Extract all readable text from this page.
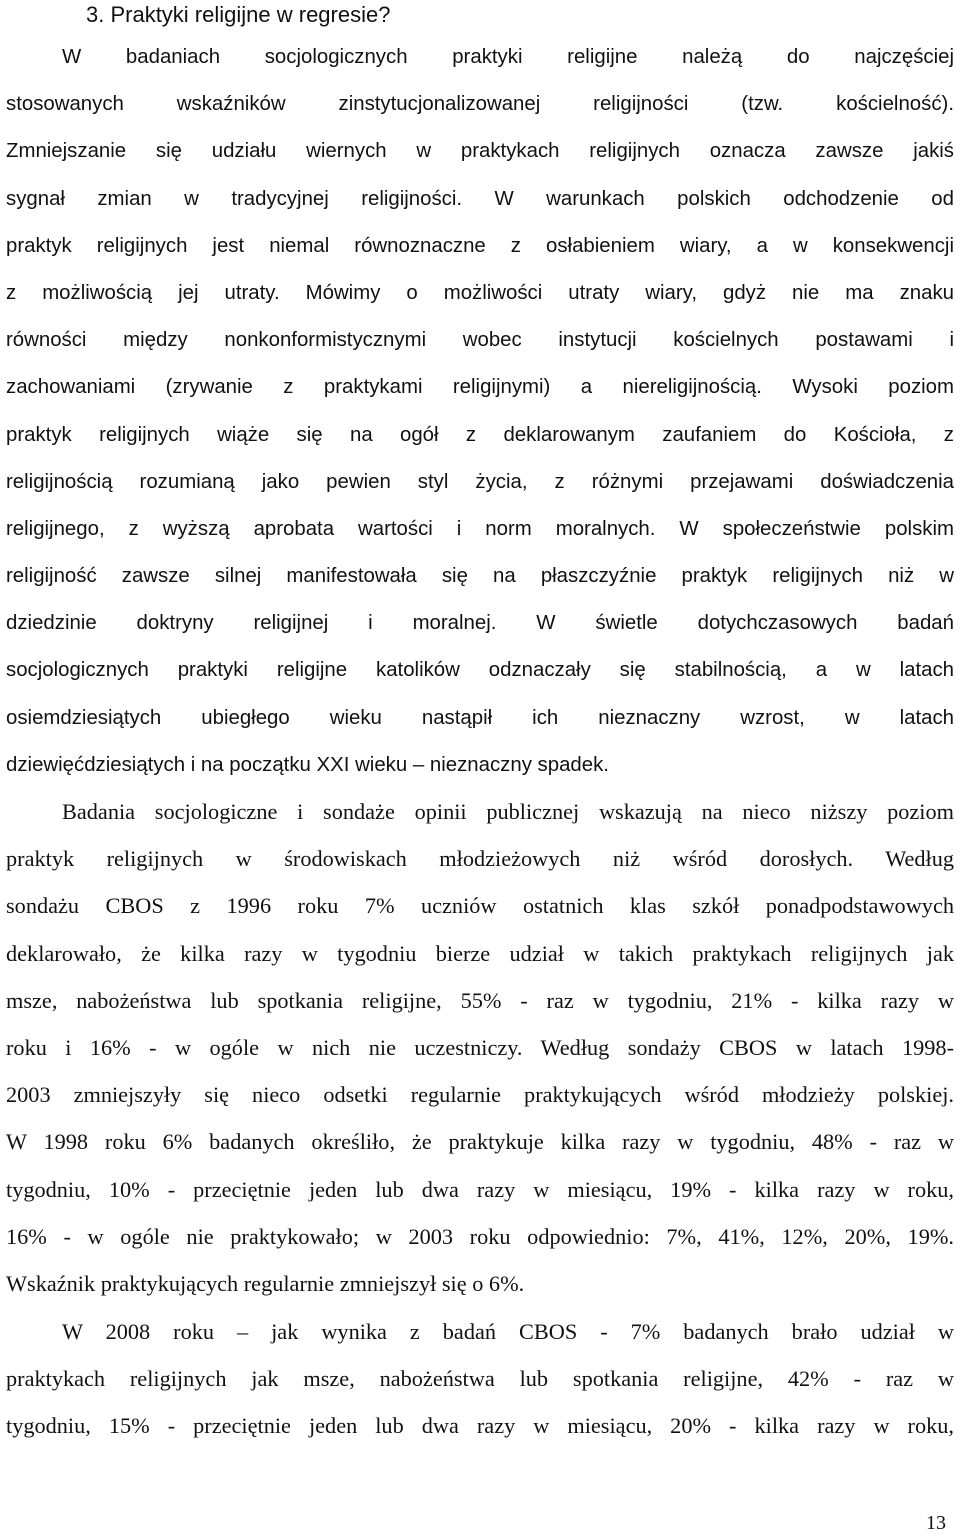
3. Praktyki religijne w regresie?
W badaniach socjologicznych praktyki religijne należą do najczęściej
stosowanych wskaźników zinstytucjonalizowanej religijności (tzw. kościelność).
Zmniejszanie się udziału wiernych w praktykach religijnych oznacza zawsze jakiś
sygnał zmian w tradycyjnej religijności. W warunkach polskich odchodzenie od
praktyk religijnych jest niemal równoznaczne z osłabieniem wiary, a w konsekwencji
z możliwością jej utraty. Mówimy o możliwości utraty wiary, gdyż nie ma znaku
równości między nonkonformistycznymi wobec instytucji kościelnych postawami i
zachowaniami (zrywanie z praktykami religijnymi) a niereligijnością. Wysoki poziom
praktyk religijnych wiąże się na ogół z deklarowanym zaufaniem do Kościoła, z
religijnością rozumianą jako pewien styl życia, z różnymi przejawami doświadczenia
religijnego, z wyższą aprobata wartości i norm moralnych. W społeczeństwie polskim
religijność zawsze silnej manifestowała się na płaszczyźnie praktyk religijnych niż w
dziedzinie doktryny religijnej i moralnej. W świetle dotychczasowych badań
socjologicznych praktyki religijne katolików odznaczały się stabilnością, a w latach
osiemdziesiątych ubiegłego wieku nastąpił ich nieznaczny wzrost, w latach
dziewięćdziesiątych i na początku XXI wieku – nieznaczny spadek.
Badania socjologiczne i sondaże opinii publicznej wskazują na nieco niższy poziom
praktyk religijnych w środowiskach młodzieżowych niż wśród dorosłych. Według
sondażu CBOS z 1996 roku 7% uczniów ostatnich klas szkół ponadpodstawowych
deklarowało, że kilka razy w tygodniu bierze udział w takich praktykach religijnych jak
msze, nabożeństwa lub spotkania religijne, 55% - raz w tygodniu, 21% - kilka razy w
roku i 16% - w ogóle w nich nie uczestniczy. Według sondaży CBOS w latach 1998-
2003 zmniejszyły się nieco odsetki regularnie praktykujących wśród młodzieży polskiej.
W 1998 roku 6% badanych określiło, że praktykuje kilka razy w tygodniu, 48% - raz w
tygodniu, 10% - przeciętnie jeden lub dwa razy w miesiącu, 19% - kilka razy w roku,
16% - w ogóle nie praktykowało; w 2003 roku odpowiednio: 7%, 41%, 12%, 20%, 19%.
Wskaźnik praktykujących regularnie zmniejszył się o 6%.
W 2008 roku – jak wynika z badań CBOS - 7% badanych brało udział w
praktykach religijnych jak msze, nabożeństwa lub spotkania religijne, 42% - raz w
tygodniu, 15% - przeciętnie jeden lub dwa razy w miesiącu, 20% - kilka razy w roku,
13
